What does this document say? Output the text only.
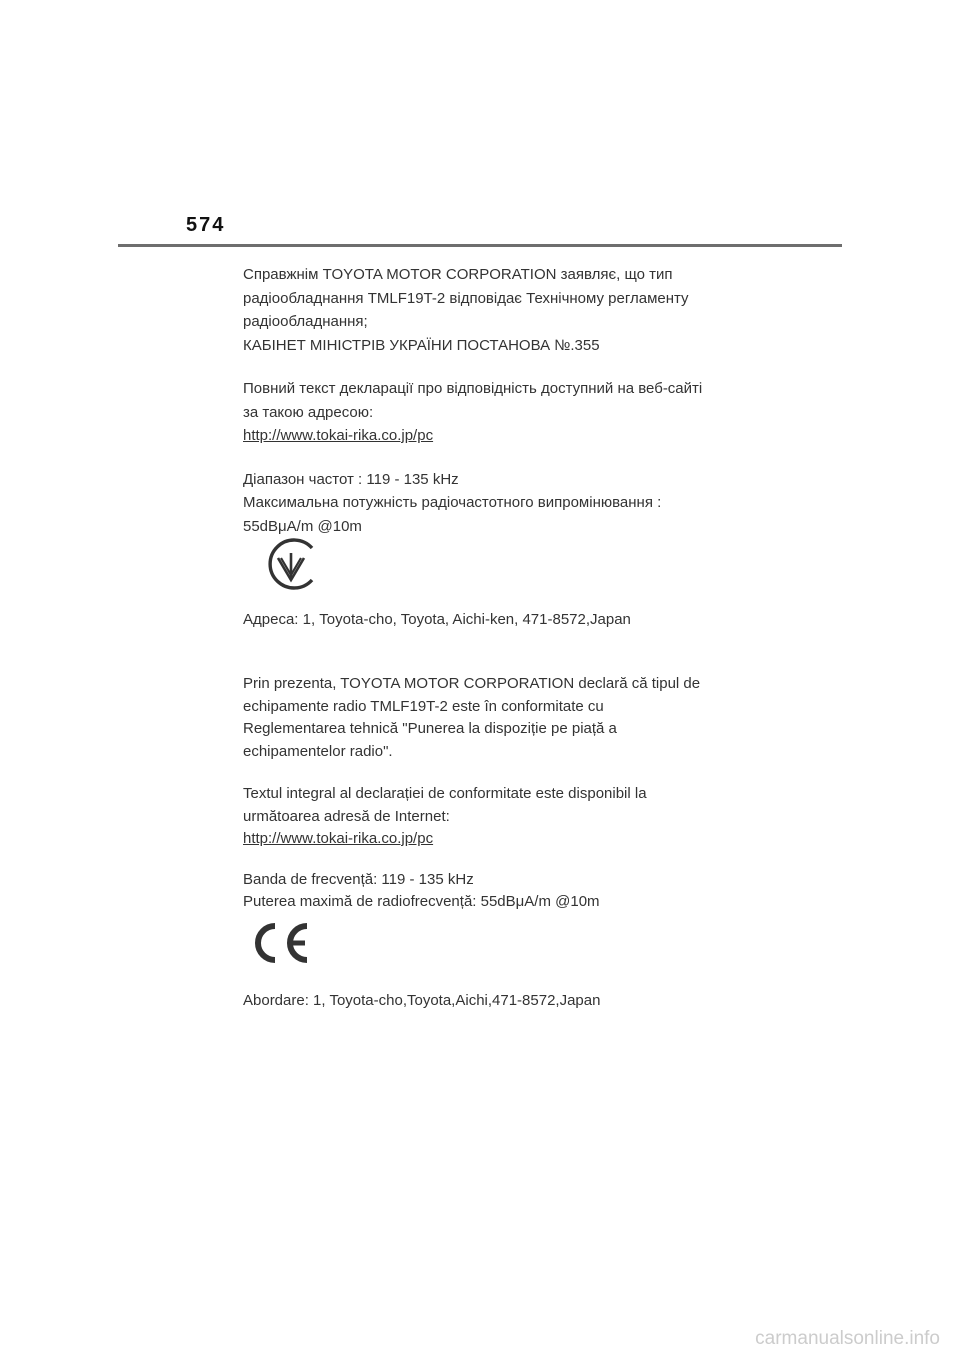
574
Справжнім TOYOTA MOTOR CORPORATION заявляє, що тип
радіообладнання TMLF19T-2 відповідає Технічному регламенту
радіообладнання;
КАБІНЕТ МІНІСТРІВ УКРАЇНИ ПОСТАНОВА №.355
Повний текст декларації про відповідність доступний на веб-сайті
за такою адресою:
http://www.tokai-rika.co.jp/pc
Діапазон частот : 119 - 135 kHz
Максимальна потужність радіочастотного випромінювання :
55dBμA/m @10m
Адреса: 1, Toyota-cho, Toyota, Aichi-ken, 471-8572,Japan
Prin prezenta, TOYOTA MOTOR CORPORATION declară că tipul de
echipamente radio TMLF19T-2 este în conformitate cu
Reglementarea tehnică "Punerea la dispoziție pe piață a
echipamentelor radio".
Textul integral al declarației de conformitate este disponibil la
următoarea adresă de Internet:
http://www.tokai-rika.co.jp/pc
Banda de frecvență: 119 - 135 kHz
Puterea maximă de radiofrecvență: 55dBμA/m @10m
Abordare: 1, Toyota-cho,Toyota,Aichi,471-8572,Japan
carmanualsonline.info
